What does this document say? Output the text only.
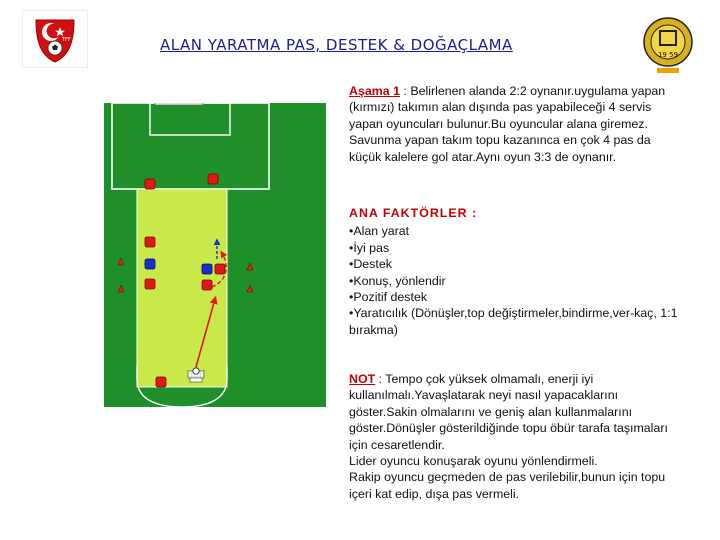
TFF	ALAN YARATMA PAS, DESTEK & DOĞAÇLAMA
19 59
Aşama 1 : Belirlenen alanda 2:2 oynanır.uygulama yapan (kırmızı) takımın alan dışında pas yapabileceği 4 servis yapan oyuncuları bulunur.Bu oyuncular alana giremez. Savunma yapan takım topu kazanınca en çok 4 pas da küçük kalelere gol atar.Aynı oyun 3:3 de oynanır.
ANA FAKTÖRLER :
•Alan yarat
•İyi pas
•Destek
•Konuş, yönlendir
•Pozitif destek
•Yaratıcılık (Dönüşler,top değiştirmeler,bindirme,ver-kaç, 1:1 bırakma)
NOT : Tempo çok yüksek olmamalı, enerji iyi kullanılmalı.Yavaşlatarak neyi nasıl yapacaklarını göster.Sakin olmalarını ve geniş alan kullanmalarını göster.Dönüşler gösterildiğinde topu öbür tarafa taşımaları için cesaretlendir.
Lider oyuncu konuşarak oyunu yönlendirmeli.
Rakip oyuncu geçmeden de pas verilebilir,bunun için topu içeri kat edip, dışa pas vermeli.
